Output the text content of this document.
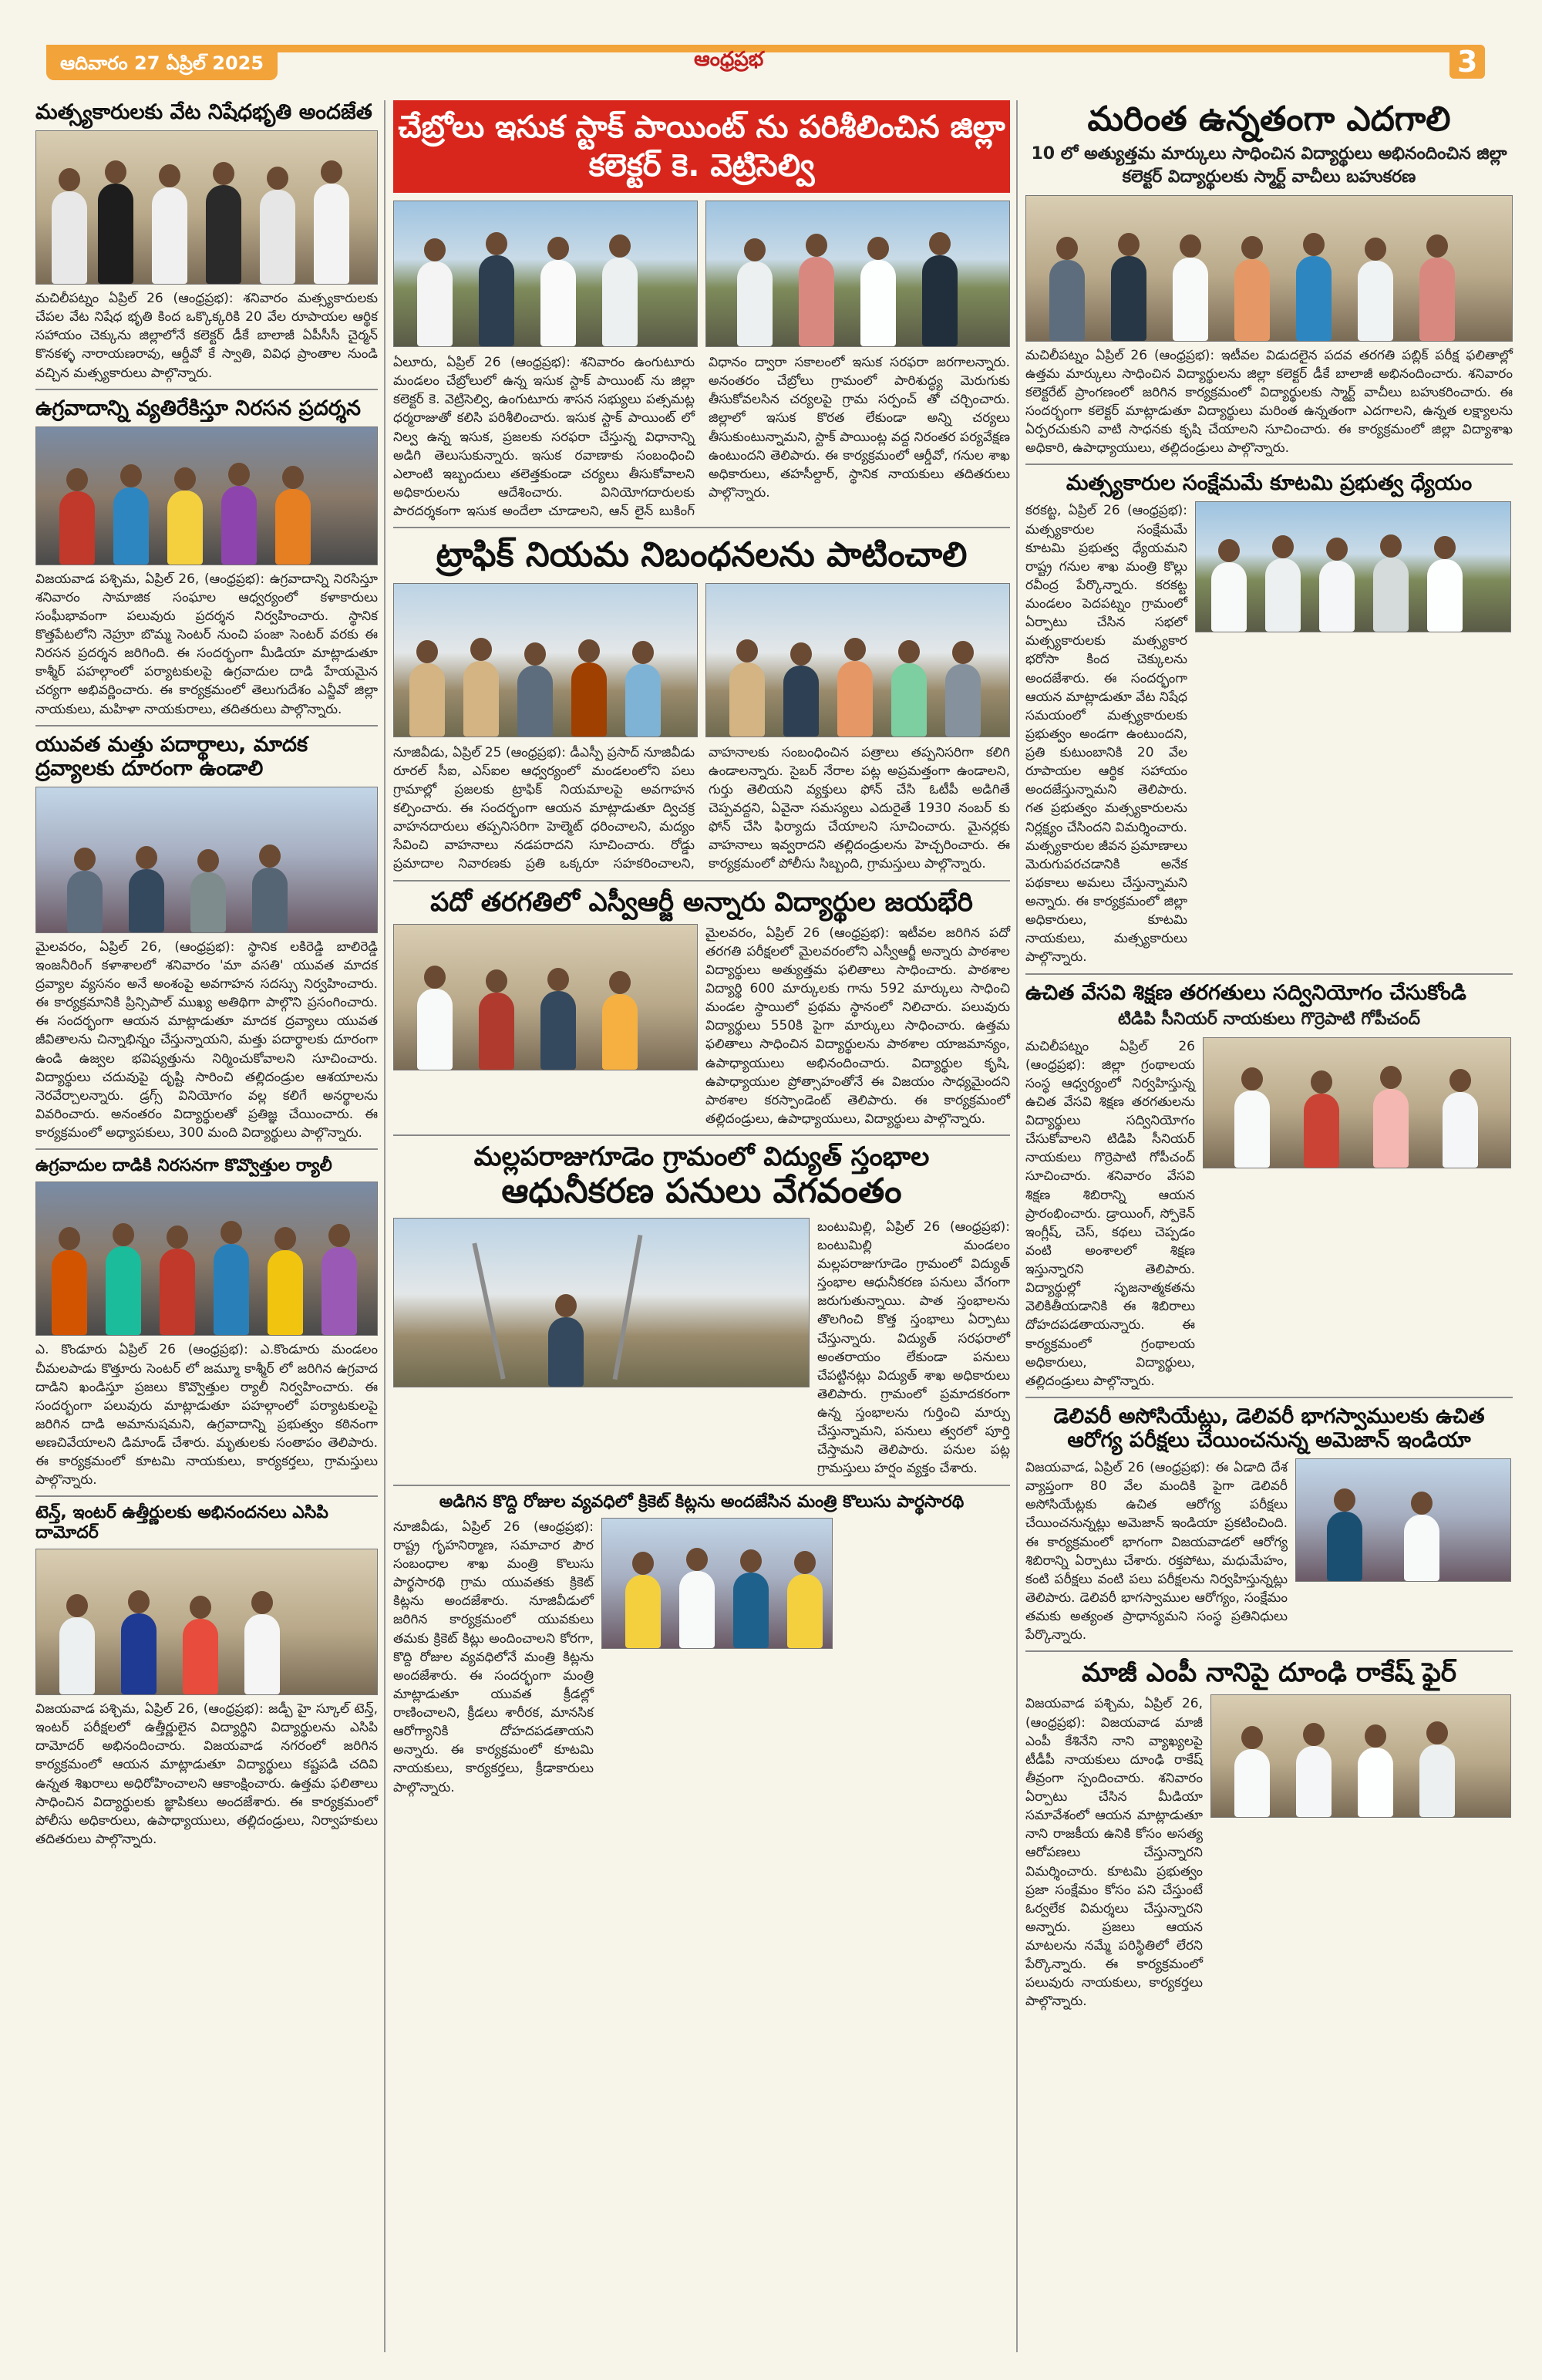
ఆదివారం 27 ఏప్రిల్ 2025	ఆంధ్రప్రభ	3
మత్స్యకారులకు వేట నిషేధభృతి అందజేత

మచిలీపట్నం ఏప్రిల్ 26 (ఆంధ్రప్రభ): శనివారం మత్స్యకారులకు చేపల వేట నిషేధ భృతి కింద ఒక్కొక్కరికి 20 వేల రూపాయల ఆర్థిక సహాయం చెక్కును జిల్లాలోనే కలెక్టర్ డీకే బాలాజీ ఏపీసీసీ చైర్మన్ కొనకళ్ళ నారాయణరావు, ఆర్డీవో కే స్వాతి, వివిధ ప్రాంతాల నుండి వచ్చిన మత్స్యకారులు పాల్గొన్నారు.

ఉగ్రవాదాన్ని వ్యతిరేకిస్తూ నిరసన ప్రదర్శన

విజయవాడ పశ్చిమ, ఏప్రిల్ 26, (ఆంధ్రప్రభ): ఉగ్రవాదాన్ని నిరసిస్తూ శనివారం సామాజిక సంఘాల ఆధ్వర్యంలో కళాకారులు సంఘీభావంగా పలువురు ప్రదర్శన నిర్వహించారు. స్థానిక కొత్తపేటలోని నెహ్రూ బొమ్మ సెంటర్ నుంచి పంజా సెంటర్ వరకు ఈ నిరసన ప్రదర్శన జరిగింది. ఈ సందర్భంగా మీడియా మాట్లాడుతూ కాశ్మీర్ పహల్గాంలో పర్యాటకులపై ఉగ్రవాదుల దాడి హేయమైన చర్యగా అభివర్ణించారు. ఈ కార్యక్రమంలో తెలుగుదేశం ఎన్జీవో జిల్లా నాయకులు, మహిళా నాయకురాలు, తదితరులు పాల్గొన్నారు.

యువత మత్తు పదార్థాలు, మాదక ద్రవ్యాలకు దూరంగా ఉండాలి

మైలవరం, ఏప్రిల్ 26, (ఆంధ్రప్రభ): స్థానిక లకిరెడ్డి బాలిరెడ్డి ఇంజనీరింగ్ కళాశాలలో శనివారం 'మా వసతి' యువత మాదక ద్రవ్యాల వ్యసనం అనే అంశంపై అవగాహన సదస్సు నిర్వహించారు. ఈ కార్యక్రమానికి ప్రిన్సిపాల్ ముఖ్య అతిథిగా పాల్గొని ప్రసంగించారు. ఈ సందర్భంగా ఆయన మాట్లాడుతూ మాదక ద్రవ్యాలు యువత జీవితాలను చిన్నాభిన్నం చేస్తున్నాయని, మత్తు పదార్థాలకు దూరంగా ఉండి ఉజ్వల భవిష్యత్తును నిర్మించుకోవాలని సూచించారు. విద్యార్థులు చదువుపై దృష్టి సారించి తల్లిదండ్రుల ఆశయాలను నెరవేర్చాలన్నారు. డ్రగ్స్ వినియోగం వల్ల కలిగే అనర్థాలను వివరించారు. అనంతరం విద్యార్థులతో ప్రతిజ్ఞ చేయించారు. ఈ కార్యక్రమంలో అధ్యాపకులు, 300 మంది విద్యార్థులు పాల్గొన్నారు.

ఉగ్రవాదుల దాడికి నిరసనగా కొవ్వొత్తుల ర్యాలీ

ఎ. కొండూరు ఏప్రిల్ 26 (ఆంధ్రప్రభ): ఎ.కొండూరు మండలం చీమలపాడు కొత్తూరు సెంటర్ లో జమ్మూ కాశ్మీర్ లో జరిగిన ఉగ్రవాద దాడిని ఖండిస్తూ ప్రజలు కొవ్వొత్తుల ర్యాలీ నిర్వహించారు. ఈ సందర్భంగా పలువురు మాట్లాడుతూ పహల్గాంలో పర్యాటకులపై జరిగిన దాడి అమానుషమని, ఉగ్రవాదాన్ని ప్రభుత్వం కఠినంగా అణచివేయాలని డిమాండ్ చేశారు. మృతులకు సంతాపం తెలిపారు. ఈ కార్యక్రమంలో కూటమి నాయకులు, కార్యకర్తలు, గ్రామస్తులు పాల్గొన్నారు.

టెన్త్, ఇంటర్ ఉత్తీర్ణులకు అభినందనలు ఎసిపి దామోదర్

విజయవాడ పశ్చిమ, ఏప్రిల్ 26, (ఆంధ్రప్రభ): జడ్పీ హై స్కూల్ టెన్త్, ఇంటర్ పరీక్షలలో ఉత్తీర్ణులైన విద్యార్థిని విద్యార్థులను ఎసిపి దామోదర్ అభినందించారు. విజయవాడ నగరంలో జరిగిన కార్యక్రమంలో ఆయన మాట్లాడుతూ విద్యార్థులు కష్టపడి చదివి ఉన్నత శిఖరాలు అధిరోహించాలని ఆకాంక్షించారు. ఉత్తమ ఫలితాలు సాధించిన విద్యార్థులకు జ్ఞాపికలు అందజేశారు. ఈ కార్యక్రమంలో పోలీసు అధికారులు, ఉపాధ్యాయులు, తల్లిదండ్రులు, నిర్వాహకులు తదితరులు పాల్గొన్నారు.

చేబ్రోలు ఇసుక స్టాక్ పాయింట్ ను పరిశీలించిన జిల్లా కలెక్టర్ కె. వెట్రిసెల్వి

ఏలూరు, ఏప్రిల్ 26 (ఆంధ్రప్రభ): శనివారం ఉంగుటూరు మండలం చేబ్రోలులో ఉన్న ఇసుక స్టాక్ పాయింట్ ను జిల్లా కలెక్టర్ కె. వెట్రిసెల్వి, ఉంగుటూరు శాసన సభ్యులు పత్సమట్ల ధర్మరాజుతో కలిసి పరిశీలించారు. ఇసుక స్టాక్ పాయింట్ లో నిల్వ ఉన్న ఇసుక, ప్రజలకు సరఫరా చేస్తున్న విధానాన్ని అడిగి తెలుసుకున్నారు. ఇసుక రవాణాకు సంబంధించి ఎలాంటి ఇబ్బందులు తలెత్తకుండా చర్యలు తీసుకోవాలని అధికారులను ఆదేశించారు. వినియోగదారులకు పారదర్శకంగా ఇసుక అందేలా చూడాలని, ఆన్ లైన్ బుకింగ్ విధానం ద్వారా సకాలంలో ఇసుక సరఫరా జరగాలన్నారు. అనంతరం చేబ్రోలు గ్రామంలో పారిశుద్ధ్య మెరుగుకు తీసుకోవలసిన చర్యలపై గ్రామ సర్పంచ్ తో చర్చించారు. జిల్లాలో ఇసుక కొరత లేకుండా అన్ని చర్యలు తీసుకుంటున్నామని, స్టాక్ పాయింట్ల వద్ద నిరంతర పర్యవేక్షణ ఉంటుందని తెలిపారు. ఈ కార్యక్రమంలో ఆర్డీవో, గనుల శాఖ అధికారులు, తహసీల్దార్, స్థానిక నాయకులు తదితరులు పాల్గొన్నారు.

ట్రాఫిక్ నియమ నిబంధనలను పాటించాలి

నూజివీడు, ఏప్రిల్ 25 (ఆంధ్రప్రభ): డీఎస్పీ ప్రసాద్ నూజివీడు రూరల్ సీఐ, ఎస్ఐల ఆధ్వర్యంలో మండలంలోని పలు గ్రామాల్లో ప్రజలకు ట్రాఫిక్ నియమాలపై అవగాహన కల్పించారు. ఈ సందర్భంగా ఆయన మాట్లాడుతూ ద్విచక్ర వాహనదారులు తప్పనిసరిగా హెల్మెట్ ధరించాలని, మద్యం సేవించి వాహనాలు నడపరాదని సూచించారు. రోడ్డు ప్రమాదాల నివారణకు ప్రతి ఒక్కరూ సహకరించాలని, వాహనాలకు సంబంధించిన పత్రాలు తప్పనిసరిగా కలిగి ఉండాలన్నారు. సైబర్ నేరాల పట్ల అప్రమత్తంగా ఉండాలని, గుర్తు తెలియని వ్యక్తులు ఫోన్ చేసి ఓటీపీ అడిగితే చెప్పవద్దని, ఏవైనా సమస్యలు ఎదురైతే 1930 నంబర్ కు ఫోన్ చేసి ఫిర్యాదు చేయాలని సూచించారు. మైనర్లకు వాహనాలు ఇవ్వరాదని తల్లిదండ్రులను హెచ్చరించారు. ఈ కార్యక్రమంలో పోలీసు సిబ్బంది, గ్రామస్తులు పాల్గొన్నారు.

పదో తరగతిలో ఎస్వీఆర్జీ అన్నారు విద్యార్థుల జయభేరి

మైలవరం, ఏప్రిల్ 26 (ఆంధ్రప్రభ): ఇటీవల జరిగిన పదో తరగతి పరీక్షలలో మైలవరంలోని ఎస్వీఆర్జీ అన్నారు పాఠశాల విద్యార్థులు అత్యుత్తమ ఫలితాలు సాధించారు. పాఠశాల విద్యార్థి 600 మార్కులకు గాను 592 మార్కులు సాధించి మండల స్థాయిలో ప్రథమ స్థానంలో నిలిచారు. పలువురు విద్యార్థులు 550కి పైగా మార్కులు సాధించారు. ఉత్తమ ఫలితాలు సాధించిన విద్యార్థులను పాఠశాల యాజమాన్యం, ఉపాధ్యాయులు అభినందించారు. విద్యార్థుల కృషి, ఉపాధ్యాయుల ప్రోత్సాహంతోనే ఈ విజయం సాధ్యమైందని పాఠశాల కరస్పాండెంట్ తెలిపారు. ఈ కార్యక్రమంలో తల్లిదండ్రులు, ఉపాధ్యాయులు, విద్యార్థులు పాల్గొన్నారు.

మల్లపరాజుగూడెం గ్రామంలో విద్యుత్ స్తంభాల
ఆధునీకరణ పనులు వేగవంతం

బంటుమిల్లి, ఏప్రిల్ 26 (ఆంధ్రప్రభ): బంటుమిల్లి మండలం మల్లపరాజుగూడెం గ్రామంలో విద్యుత్ స్తంభాల ఆధునీకరణ పనులు వేగంగా జరుగుతున్నాయి. పాత స్తంభాలను తొలగించి కొత్త స్తంభాలు ఏర్పాటు చేస్తున్నారు. విద్యుత్ సరఫరాలో అంతరాయం లేకుండా పనులు చేపట్టినట్లు విద్యుత్ శాఖ అధికారులు తెలిపారు. గ్రామంలో ప్రమాదకరంగా ఉన్న స్తంభాలను గుర్తించి మార్పు చేస్తున్నామని, పనులు త్వరలో పూర్తి చేస్తామని తెలిపారు. పనుల పట్ల గ్రామస్తులు హర్షం వ్యక్తం చేశారు.

అడిగిన కొద్ది రోజుల వ్యవధిలో క్రికెట్ కిట్లను అందజేసిన మంత్రి కొలుసు పార్థసారథి

నూజివీడు, ఏప్రిల్ 26 (ఆంధ్రప్రభ): రాష్ట్ర గృహనిర్మాణ, సమాచార పౌర సంబంధాల శాఖ మంత్రి కొలుసు పార్థసారథి గ్రామ యువతకు క్రికెట్ కిట్లను అందజేశారు. నూజివీడులో జరిగిన కార్యక్రమంలో యువకులు తమకు క్రికెట్ కిట్లు అందించాలని కోరగా, కొద్ది రోజుల వ్యవధిలోనే మంత్రి కిట్లను అందజేశారు. ఈ సందర్భంగా మంత్రి మాట్లాడుతూ యువత క్రీడల్లో రాణించాలని, క్రీడలు శారీరక, మానసిక ఆరోగ్యానికి దోహదపడతాయని అన్నారు. ఈ కార్యక్రమంలో కూటమి నాయకులు, కార్యకర్తలు, క్రీడాకారులు పాల్గొన్నారు.

మరింత ఉన్నతంగా ఎదగాలి
10 లో అత్యుత్తమ మార్కులు సాధించిన విద్యార్థులు అభినందించిన జిల్లా కలెక్టర్ విద్యార్థులకు స్మార్ట్ వాచీలు బహుకరణ

మచిలీపట్నం ఏప్రిల్ 26 (ఆంధ్రప్రభ): ఇటీవల విడుదలైన పదవ తరగతి పబ్లిక్ పరీక్ష ఫలితాల్లో ఉత్తమ మార్కులు సాధించిన విద్యార్థులను జిల్లా కలెక్టర్ డీకే బాలాజీ అభినందించారు. శనివారం కలెక్టరేట్ ప్రాంగణంలో జరిగిన కార్యక్రమంలో విద్యార్థులకు స్మార్ట్ వాచీలు బహుకరించారు. ఈ సందర్భంగా కలెక్టర్ మాట్లాడుతూ విద్యార్థులు మరింత ఉన్నతంగా ఎదగాలని, ఉన్నత లక్ష్యాలను ఏర్పరచుకుని వాటి సాధనకు కృషి చేయాలని సూచించారు. ఈ కార్యక్రమంలో జిల్లా విద్యాశాఖ అధికారి, ఉపాధ్యాయులు, తల్లిదండ్రులు పాల్గొన్నారు.

మత్స్యకారుల సంక్షేమమే కూటమి ప్రభుత్వ ధ్యేయం

కరకట్ట, ఏప్రిల్ 26 (ఆంధ్రప్రభ): మత్స్యకారుల సంక్షేమమే కూటమి ప్రభుత్వ ధ్యేయమని రాష్ట్ర గనుల శాఖ మంత్రి కొల్లు రవీంద్ర పేర్కొన్నారు. కరకట్ట మండలం పెదపట్నం గ్రామంలో ఏర్పాటు చేసిన సభలో మత్స్యకారులకు మత్స్యకార భరోసా కింద చెక్కులను అందజేశారు. ఈ సందర్భంగా ఆయన మాట్లాడుతూ వేట నిషేధ సమయంలో మత్స్యకారులకు ప్రభుత్వం అండగా ఉంటుందని, ప్రతి కుటుంబానికి 20 వేల రూపాయల ఆర్థిక సహాయం అందజేస్తున్నామని తెలిపారు. గత ప్రభుత్వం మత్స్యకారులను నిర్లక్ష్యం చేసిందని విమర్శించారు. మత్స్యకారుల జీవన ప్రమాణాలు మెరుగుపరచడానికి అనేక పథకాలు అమలు చేస్తున్నామని అన్నారు. ఈ కార్యక్రమంలో జిల్లా అధికారులు, కూటమి నాయకులు, మత్స్యకారులు పాల్గొన్నారు.

ఉచిత వేసవి శిక్షణ తరగతులు సద్వినియోగం చేసుకోండి
టిడిపి సీనియర్ నాయకులు గొర్రెపాటి గోపీచంద్

మచిలీపట్నం ఏప్రిల్ 26 (ఆంధ్రప్రభ): జిల్లా గ్రంథాలయ సంస్థ ఆధ్వర్యంలో నిర్వహిస్తున్న ఉచిత వేసవి శిక్షణ తరగతులను విద్యార్థులు సద్వినియోగం చేసుకోవాలని టిడిపి సీనియర్ నాయకులు గొర్రెపాటి గోపీచంద్ సూచించారు. శనివారం వేసవి శిక్షణ శిబిరాన్ని ఆయన ప్రారంభించారు. డ్రాయింగ్, స్పోకెన్ ఇంగ్లీష్, చెస్, కథలు చెప్పడం వంటి అంశాలలో శిక్షణ ఇస్తున్నారని తెలిపారు. విద్యార్థుల్లో సృజనాత్మకతను వెలికితీయడానికి ఈ శిబిరాలు దోహదపడతాయన్నారు. ఈ కార్యక్రమంలో గ్రంథాలయ అధికారులు, విద్యార్థులు, తల్లిదండ్రులు పాల్గొన్నారు.

డెలివరీ అసోసియేట్లు, డెలివరీ భాగస్వాములకు ఉచిత ఆరోగ్య పరీక్షలు చేయించనున్న అమెజాన్ ఇండియా

విజయవాడ, ఏప్రిల్ 26 (ఆంధ్రప్రభ): ఈ ఏడాది దేశ వ్యాప్తంగా 80 వేల మందికి పైగా డెలివరీ అసోసియేట్లకు ఉచిత ఆరోగ్య పరీక్షలు చేయించనున్నట్లు అమెజాన్ ఇండియా ప్రకటించింది. ఈ కార్యక్రమంలో భాగంగా విజయవాడలో ఆరోగ్య శిబిరాన్ని ఏర్పాటు చేశారు. రక్తపోటు, మధుమేహం, కంటి పరీక్షలు వంటి పలు పరీక్షలను నిర్వహిస్తున్నట్లు తెలిపారు. డెలివరీ భాగస్వాముల ఆరోగ్యం, సంక్షేమం తమకు అత్యంత ప్రాధాన్యమని సంస్థ ప్రతినిధులు పేర్కొన్నారు.

మాజీ ఎంపీ నానిపై దూంఢి రాకేష్ ఫైర్

విజయవాడ పశ్చిమ, ఏప్రిల్ 26, (ఆంధ్రప్రభ): విజయవాడ మాజీ ఎంపీ కేశినేని నాని వ్యాఖ్యలపై టీడీపీ నాయకులు దూంఢి రాకేష్ తీవ్రంగా స్పందించారు. శనివారం ఏర్పాటు చేసిన మీడియా సమావేశంలో ఆయన మాట్లాడుతూ నాని రాజకీయ ఉనికి కోసం అసత్య ఆరోపణలు చేస్తున్నారని విమర్శించారు. కూటమి ప్రభుత్వం ప్రజా సంక్షేమం కోసం పని చేస్తుంటే ఓర్వలేక విమర్శలు చేస్తున్నారని అన్నారు. ప్రజలు ఆయన మాటలను నమ్మే పరిస్థితిలో లేరని పేర్కొన్నారు. ఈ కార్యక్రమంలో పలువురు నాయకులు, కార్యకర్తలు పాల్గొన్నారు.
